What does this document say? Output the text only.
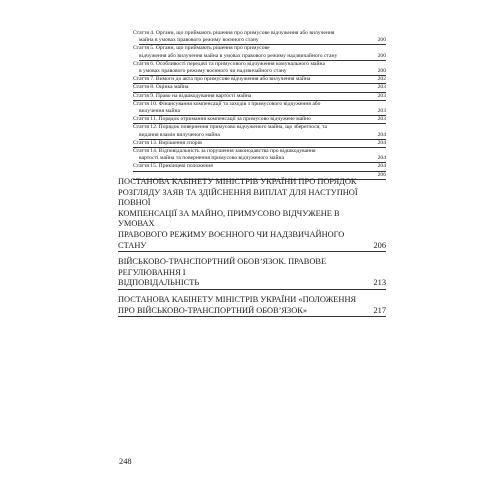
Стаття 4. Органи, що приймають рішення про примусове відчуження або вилучення
майна в умовах правового режиму воєнного стану	200
Стаття 5. Органи, що приймають рішення про примусове
відчуження або вилучення майна в умовах правового режиму надзвичайного стану	200
Стаття 6. Особливості передачі та примусового відчуження комунального майна
в умовах правового режиму воєнного чи надзвичайного стану	200
Стаття 7. Вимоги до акта про примусове відчуження або вилучення майна	202
Стаття 8. Оцінка майна	203
Стаття 9. Право на відшкодування вартості майна	203
Стаття 10. Фінансування компенсації та заходів з примусового відчуження або
вилучення майна	203
Стаття 11. Порядок отримання компенсації за примусово відчужене майно	203
Стаття 12. Порядок повернення примусово відчуженого майна, що збереглося, та
видання взамін вилученого майна	204
Стаття 13. Вирішення спорів	204
Стаття 14. Відповідальність за порушення законодавства про відшкодування
вартості майна та повернення примусово відчуженого майна	204
Стаття 15. Прикінцеві положення	204
206
ПОСТАНОВА КАБІНЕТУ МІНІСТРІВ УКРАЇНИ ПРО ПОРЯДОК
РОЗГЛЯДУ ЗАЯВ ТА ЗДІЙСНЕННЯ ВИПЛАТ ДЛЯ НАСТУПНОЇ ПОВНОЇ
КОМПЕНСАЦІЇ ЗА МАЙНО, ПРИМУСОВО ВІДЧУЖЕНЕ В УМОВАХ
ПРАВОВОГО РЕЖИМУ ВОЄННОГО ЧИ НАДЗВИЧАЙНОГО СТАНУ	206
ВІЙСЬКОВО-ТРАНСПОРТНИЙ ОБОВ’ЯЗОК. ПРАВОВЕ РЕГУЛЮВАННЯ І
ВІДПОВІДАЛЬНІСТЬ	213
ПОСТАНОВА КАБІНЕТУ МІНІСТРІВ УКРАЇНИ «ПОЛОЖЕННЯ
ПРО ВІЙСЬКОВО-ТРАНСПОРТНИЙ ОБОВ’ЯЗОК»	217
248
